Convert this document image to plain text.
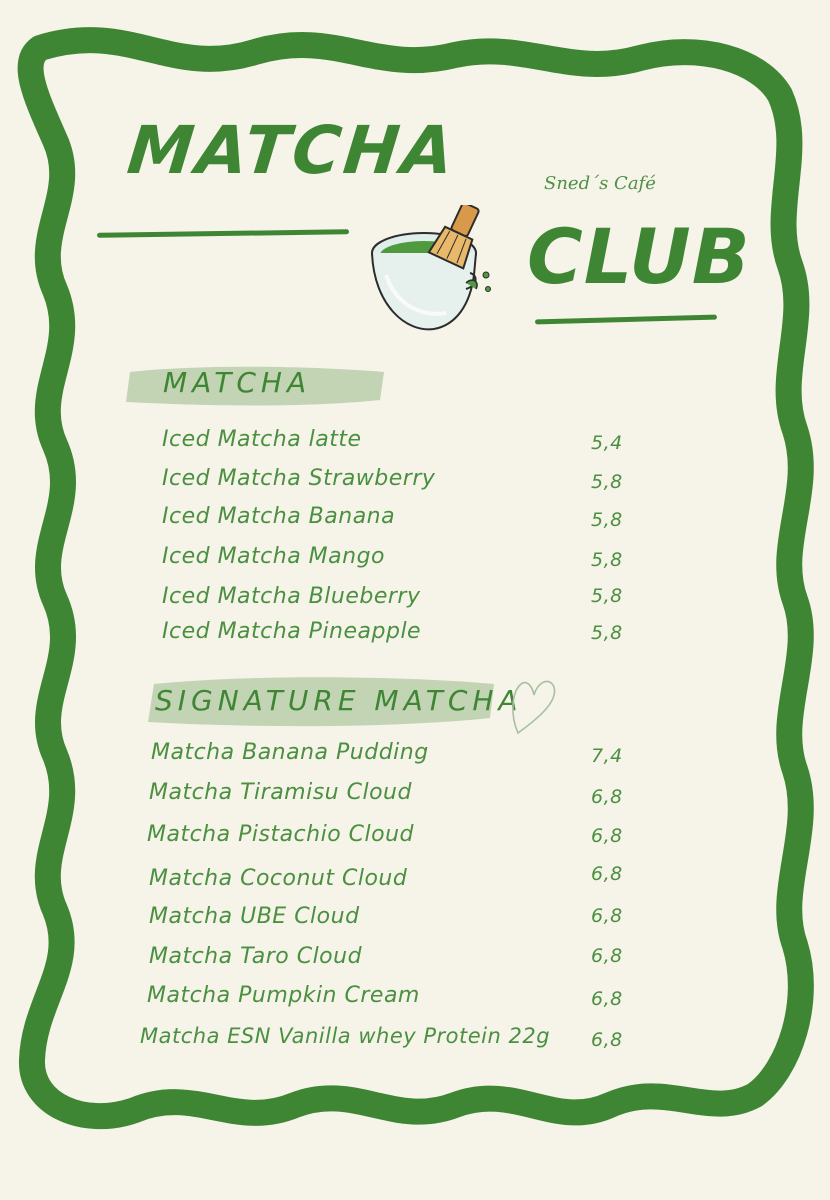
MATCHA	Sned´s Café
CLUB
MATCHA
SIGNATURE MATCHA
Iced Matcha latte	5,4
Iced Matcha Strawberry	5,8
Iced Matcha Banana	5,8
Iced Matcha Mango	5,8
Iced Matcha Blueberry	5,8
Iced Matcha Pineapple	5,8
Matcha Banana Pudding	7,4
Matcha Tiramisu Cloud	6,8
Matcha Pistachio Cloud	6,8
Matcha Coconut Cloud	6,8
Matcha UBE Cloud	6,8
Matcha Taro Cloud	6,8
Matcha Pumpkin Cream	6,8
Matcha ESN Vanilla whey Protein 22g 6,8
